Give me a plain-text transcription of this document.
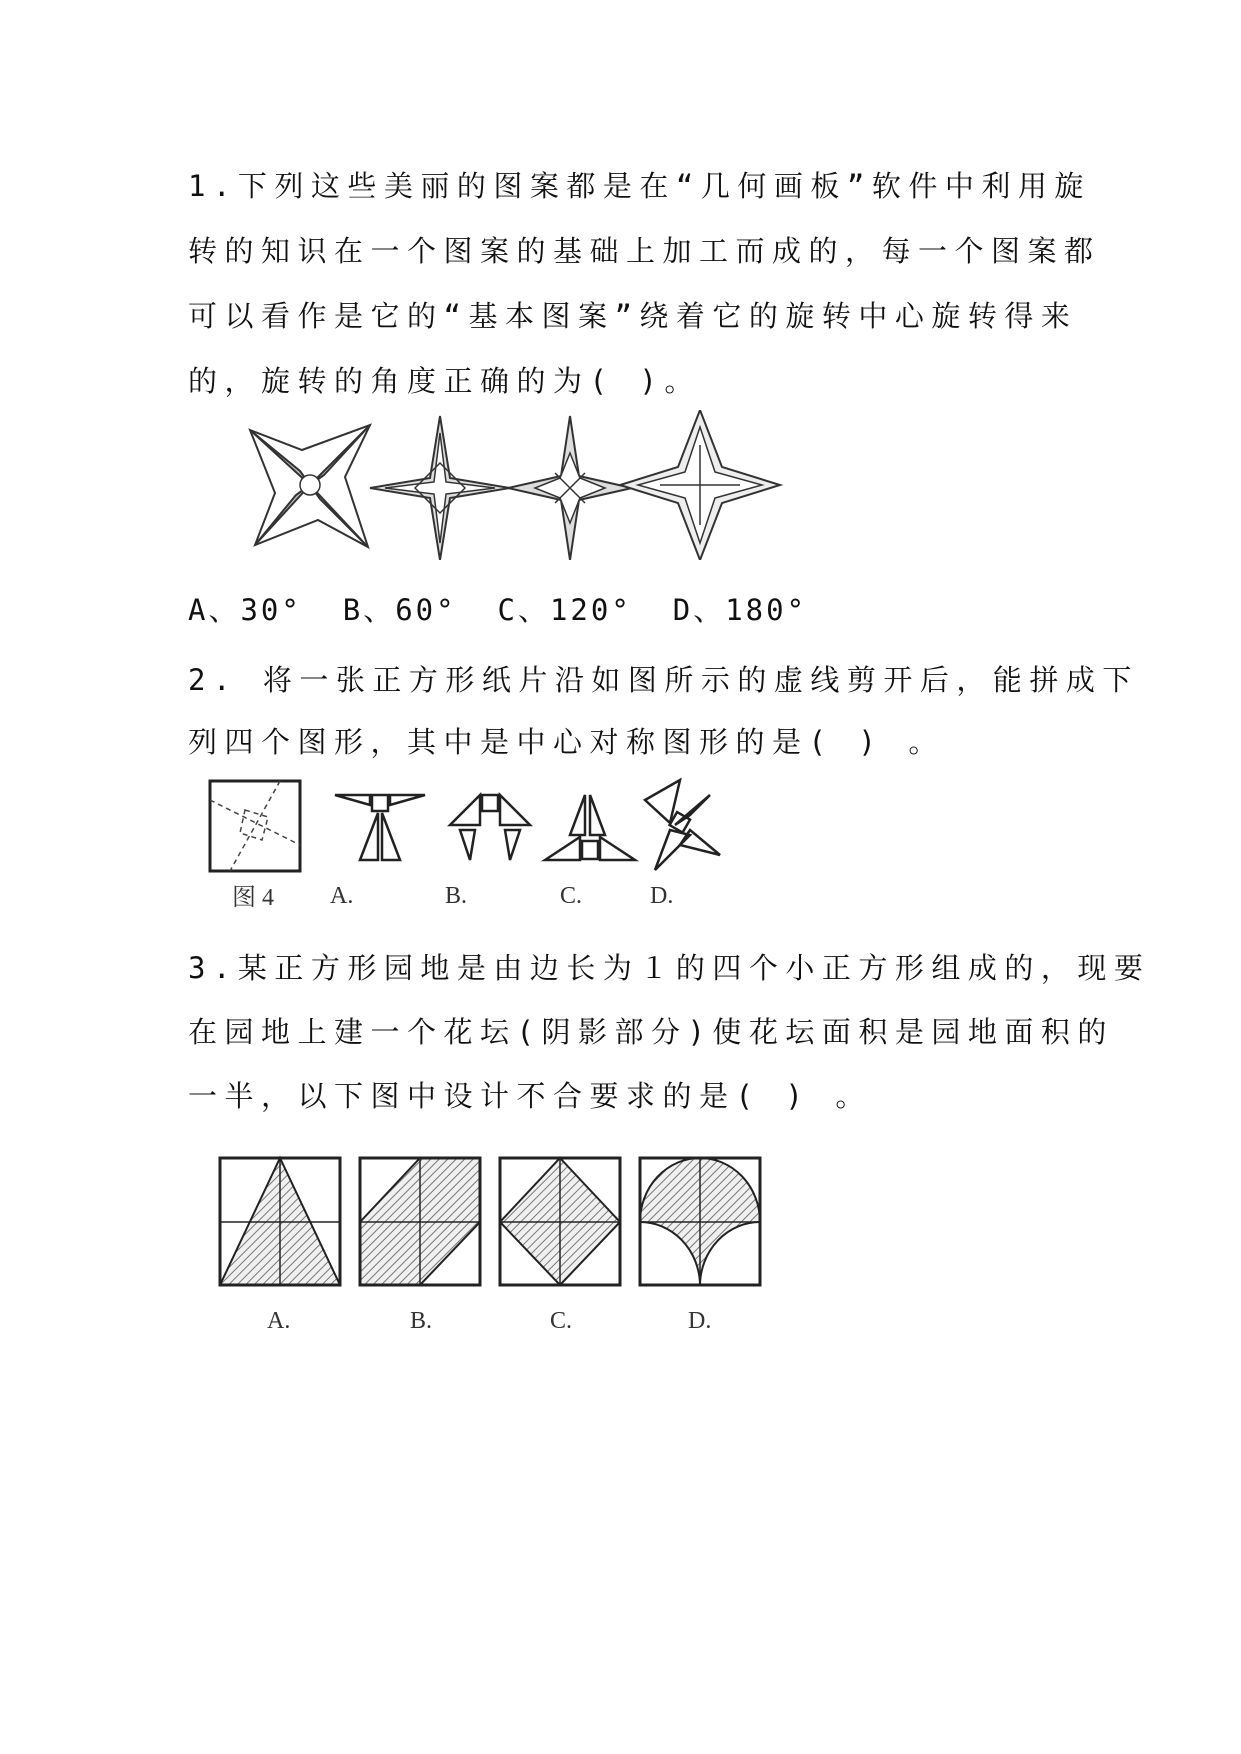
1.下列这些美丽的图案都是在“几何画板”软件中利用旋
转的知识在一个图案的基础上加工而成的，每一个图案都
可以看作是它的“基本图案”绕着它的旋转中心旋转得来
的，旋转的角度正确的为( )。
A、30°  B、60°  C、120°  D、180°
2. 将一张正方形纸片沿如图所示的虚线剪开后，能拼成下
列四个图形，其中是中心对称图形的是( ) 。
图 4 A.	B.	C.	D.
3.某正方形园地是由边长为１的四个小正方形组成的，现要
在园地上建一个花坛(阴影部分)使花坛面积是园地面积的
一半，以下图中设计不合要求的是( ) 。
A.	B.	C.	D.
